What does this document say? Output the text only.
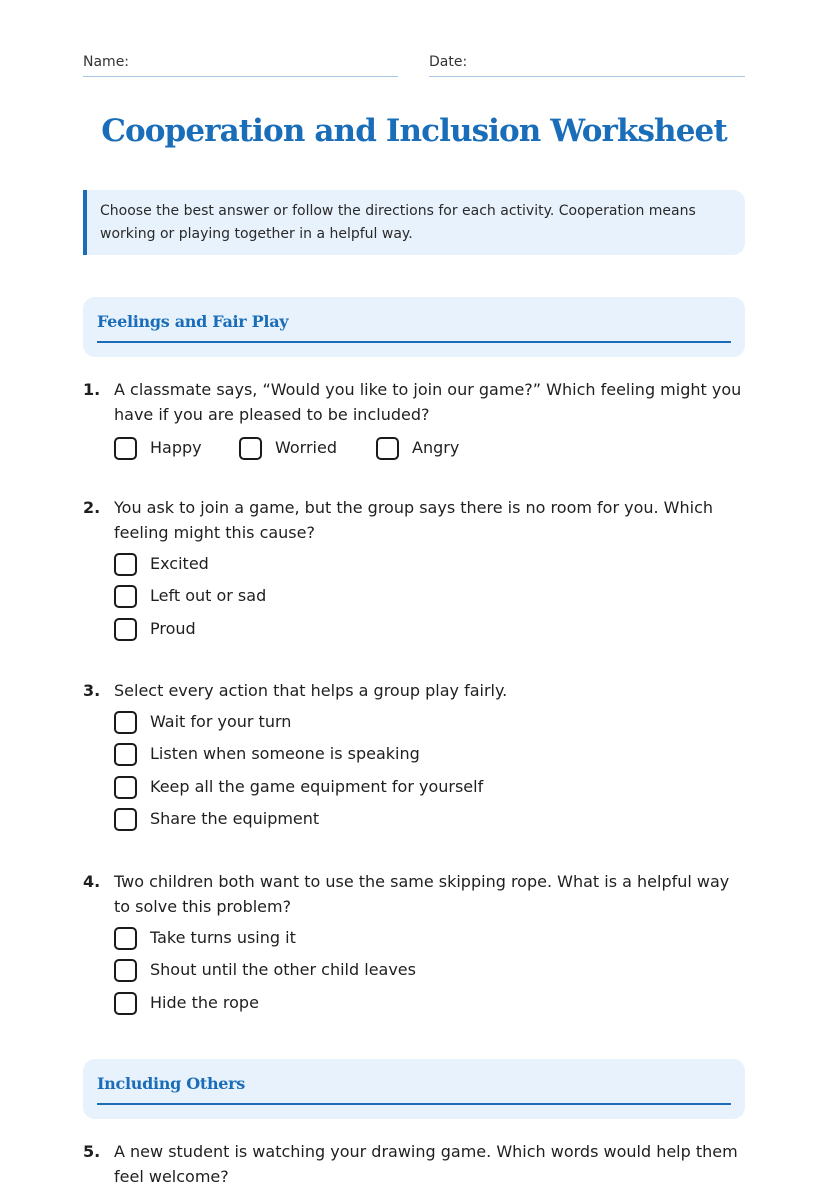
Name:	Date:
Cooperation and Inclusion Worksheet
Choose the best answer or follow the directions for each activity. Cooperation means working or playing together in a helpful way.
Feelings and Fair Play
1. A classmate says, “Would you like to join our game?” Which feeling might you have if you are pleased to be included?
Happy	Worried	Angry
2. You ask to join a game, but the group says there is no room for you. Which feeling might this cause?
Excited
Left out or sad
Proud
3. Select every action that helps a group play fairly.
Wait for your turn
Listen when someone is speaking
Keep all the game equipment for yourself
Share the equipment
4. Two children both want to use the same skipping rope. What is a helpful way to solve this problem?
Take turns using it
Shout until the other child leaves
Hide the rope
Including Others
5. A new student is watching your drawing game. Which words would help them feel welcome?
